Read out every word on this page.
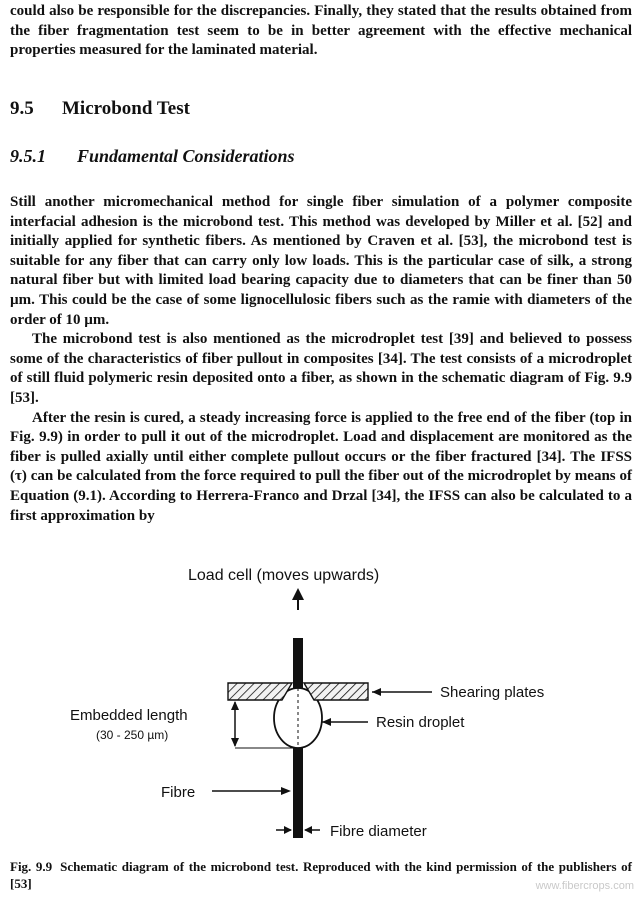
could also be responsible for the discrepancies. Finally, they stated that the results obtained from the fiber fragmentation test seem to be in better agreement with the effective mechanical properties measured for the laminated material.

9.5 Microbond Test
9.5.1 Fundamental Considerations

Still another micromechanical method for single fiber simulation of a polymer composite interfacial adhesion is the microbond test. This method was developed by Miller et al. [52] and initially applied for synthetic fibers. As mentioned by Craven et al. [53], the microbond test is suitable for any fiber that can carry only low loads. This is the particular case of silk, a strong natural fiber but with limited load bearing capacity due to diameters that can be finer than 50 µm. This could be the case of some lignocellulosic fibers such as the ramie with diameters of the order of 10 µm.

The microbond test is also mentioned as the microdroplet test [39] and believed to possess some of the characteristics of fiber pullout in composites [34]. The test consists of a microdroplet of still fluid polymeric resin deposited onto a fiber, as shown in the schematic diagram of Fig. 9.9 [53].

After the resin is cured, a steady increasing force is applied to the free end of the fiber (top in Fig. 9.9) in order to pull it out of the microdroplet. Load and displacement are monitored as the fiber is pulled axially until either complete pullout occurs or the fiber fractured [34]. The IFSS (τ) can be calculated from the force required to pull the fiber out of the microdroplet by means of Equation (9.1). According to Herrera-Franco and Drzal [34], the IFSS can also be calculated to a first approximation by

Load cell (moves upwards)
Shearing plates
Embedded length
(30 - 250 µm)
Resin droplet
Fibre
Fibre diameter

Fig. 9.9 Schematic diagram of the microbond test. Reproduced with the kind permission of the publishers of [53]	www.fibercrops.com
